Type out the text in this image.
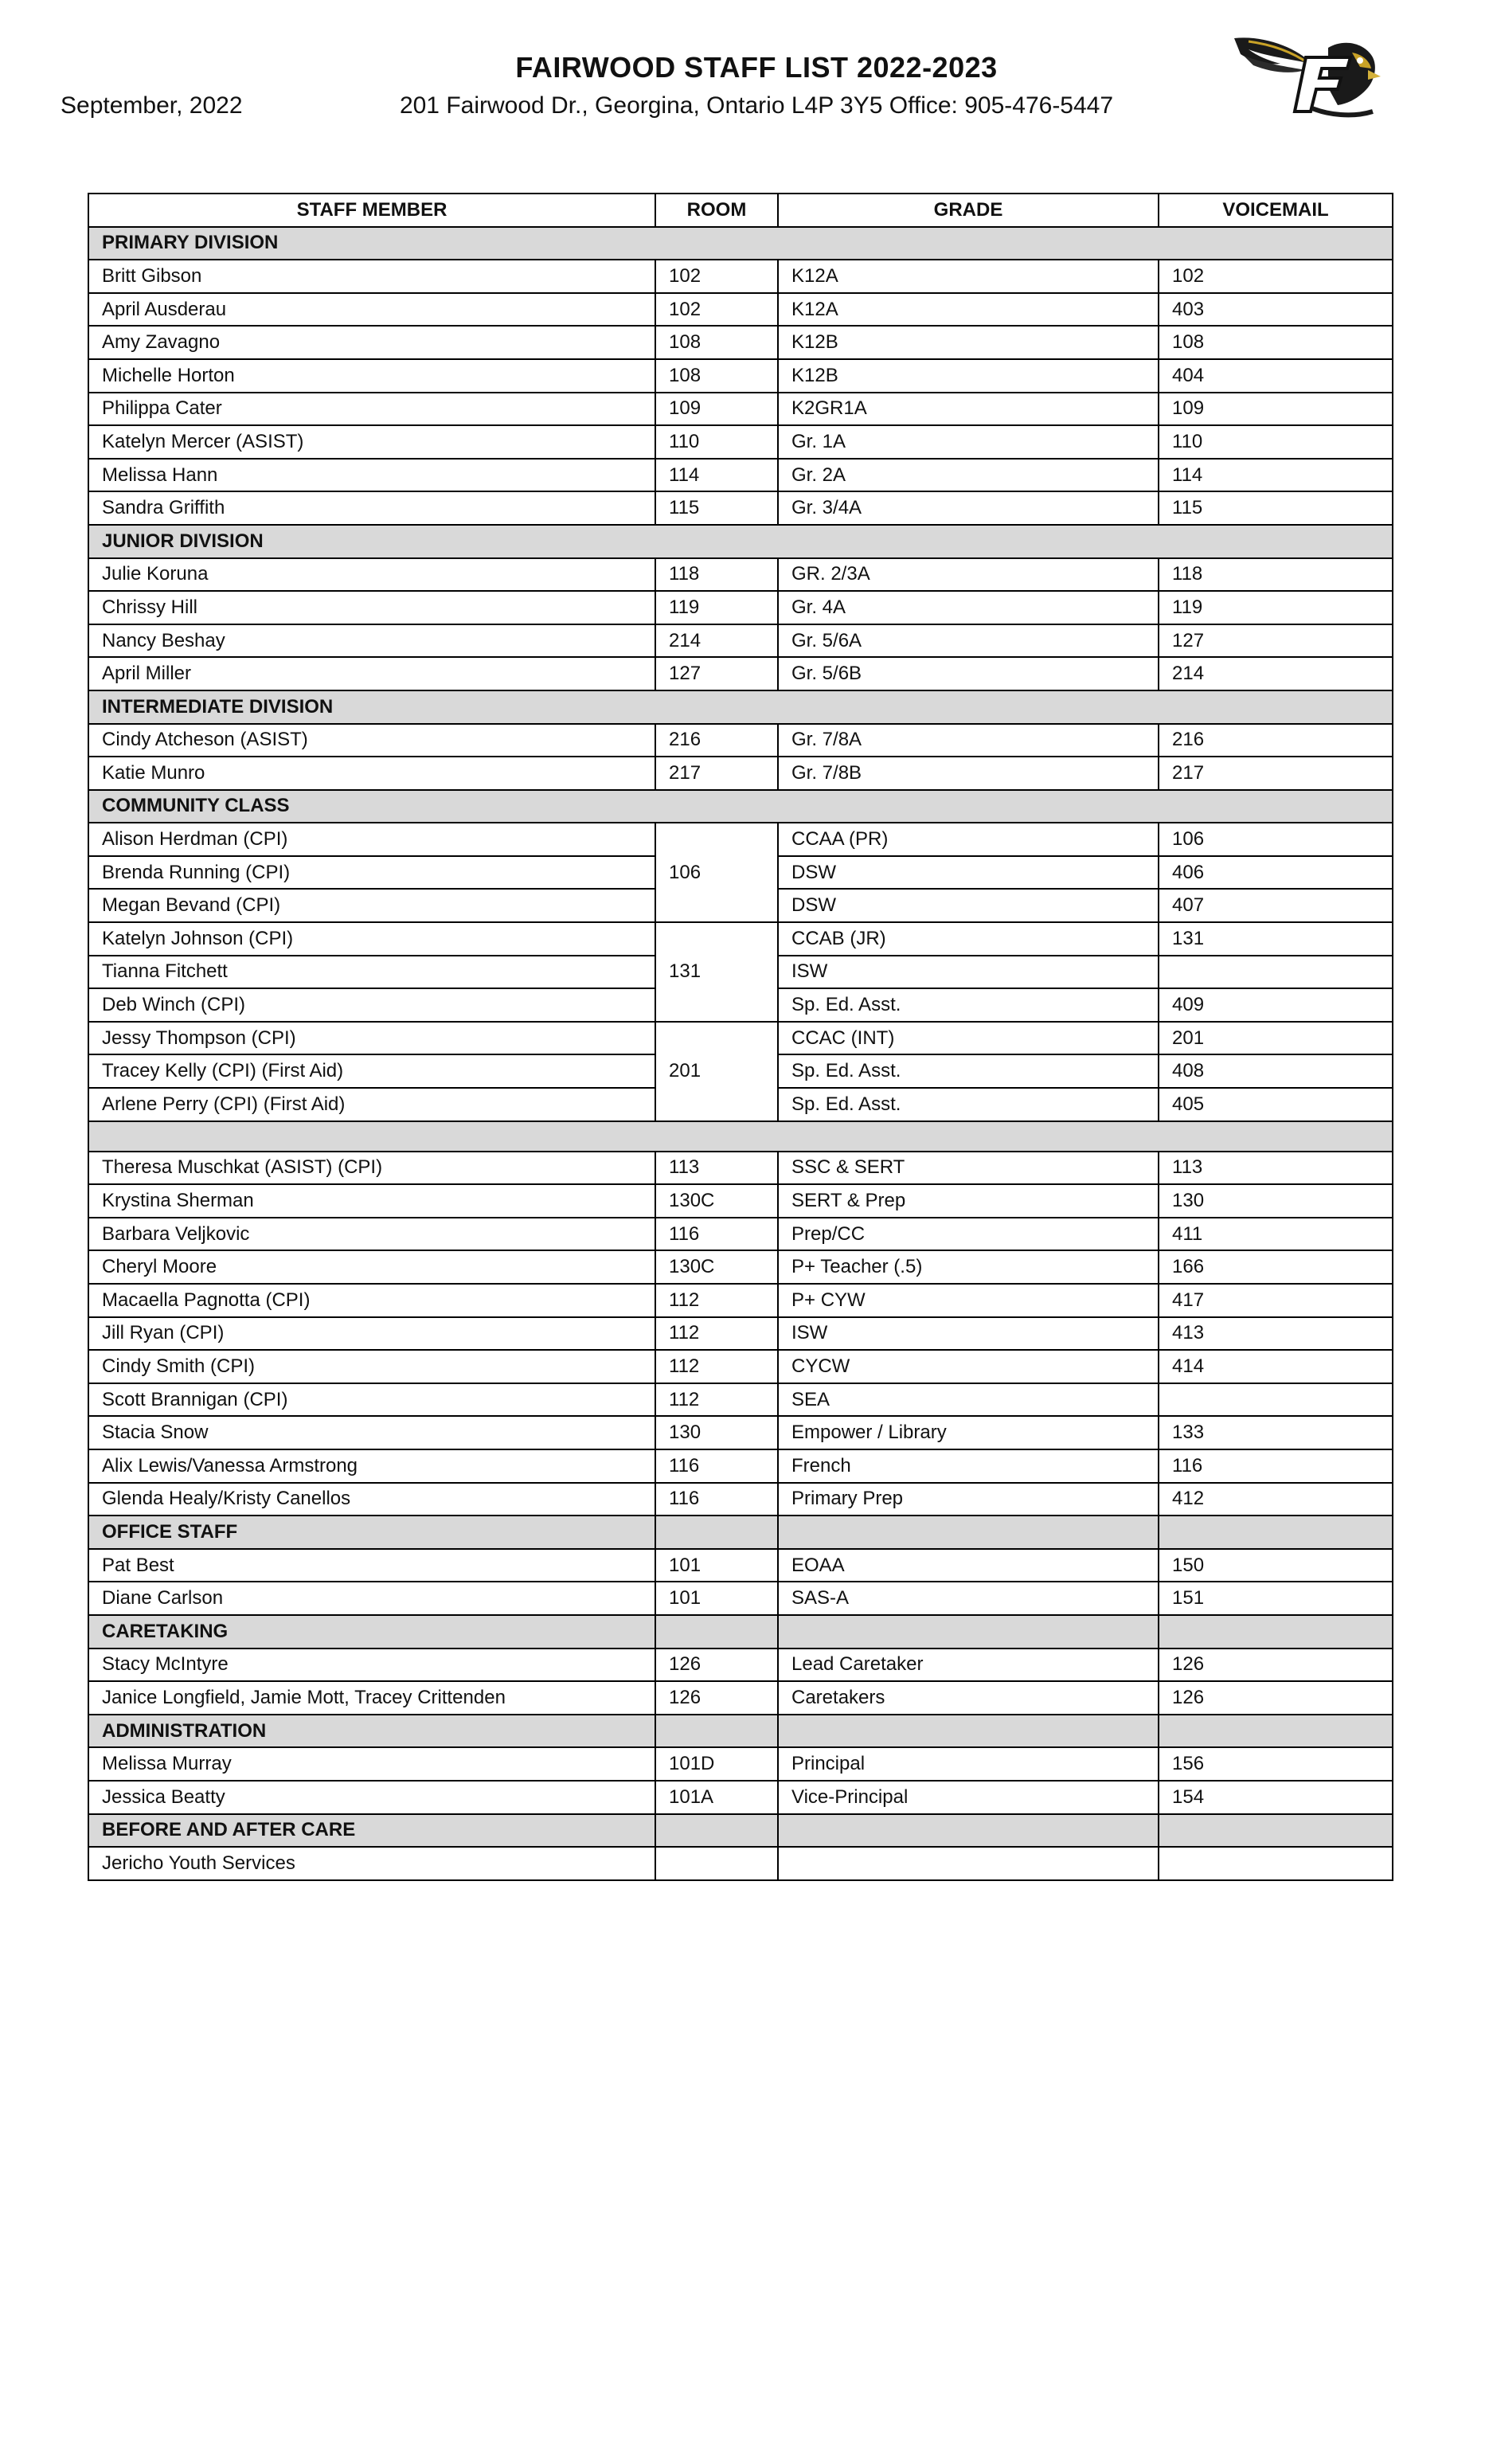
September, 2022
FAIRWOOD STAFF LIST 2022-2023
201 Fairwood Dr., Georgina, Ontario L4P 3Y5 Office: 905-476-5447	F
STAFF MEMBER	ROOM	GRADE	VOICEMAIL
PRIMARY DIVISION			
Britt Gibson	102	K12A	102
April Ausderau	102	K12A	403
Amy Zavagno	108	K12B	108
Michelle Horton	108	K12B	404
Philippa Cater	109	K2GR1A	109
Katelyn Mercer (ASIST)	110	Gr. 1A	110
Melissa Hann	114	Gr. 2A	114
Sandra Griffith	115	Gr. 3/4A	115
JUNIOR DIVISION			
Julie Koruna	118	GR. 2/3A	118
Chrissy Hill	119	Gr. 4A	119
Nancy Beshay	214	Gr. 5/6A	127
April Miller	127	Gr. 5/6B	214
INTERMEDIATE DIVISION			
Cindy Atcheson (ASIST)	216	Gr. 7/8A	216
Katie Munro	217	Gr. 7/8B	217
COMMUNITY CLASS			
Alison Herdman (CPI)	106	CCAA (PR)	106
Brenda Running (CPI)		DSW	406
Megan Bevand (CPI)		DSW	407
Katelyn Johnson (CPI)	131	CCAB (JR)	131
Tianna Fitchett		ISW	
Deb Winch (CPI)		Sp. Ed. Asst.	409
Jessy Thompson (CPI)	201	CCAC (INT)	201
Tracey Kelly (CPI) (First Aid)		Sp. Ed. Asst.	408
Arlene Perry (CPI) (First Aid)		Sp. Ed. Asst.	405

Theresa Muschkat (ASIST) (CPI)	113	SSC & SERT	113
Krystina Sherman	130C	SERT & Prep	130
Barbara Veljkovic	116	Prep/CC	411
Cheryl Moore	130C	P+ Teacher (.5)	166
Macaella Pagnotta (CPI)	112	P+ CYW	417
Jill Ryan (CPI)	112	ISW	413
Cindy Smith (CPI)	112	CYCW	414
Scott Brannigan (CPI)	112	SEA	
Stacia Snow	130	Empower / Library	133
Alix Lewis/Vanessa Armstrong	116	French	116
Glenda Healy/Kristy Canellos	116	Primary Prep	412
OFFICE STAFF			
Pat Best	101	EOAA	150
Diane Carlson	101	SAS-A	151
CARETAKING			
Stacy McIntyre	126	Lead Caretaker	126
Janice Longfield, Jamie Mott, Tracey Crittenden	126	Caretakers	126
ADMINISTRATION			
Melissa Murray	101D	Principal	156
Jessica Beatty	101A	Vice-Principal	154
BEFORE AND AFTER CARE			
Jericho Youth Services			
